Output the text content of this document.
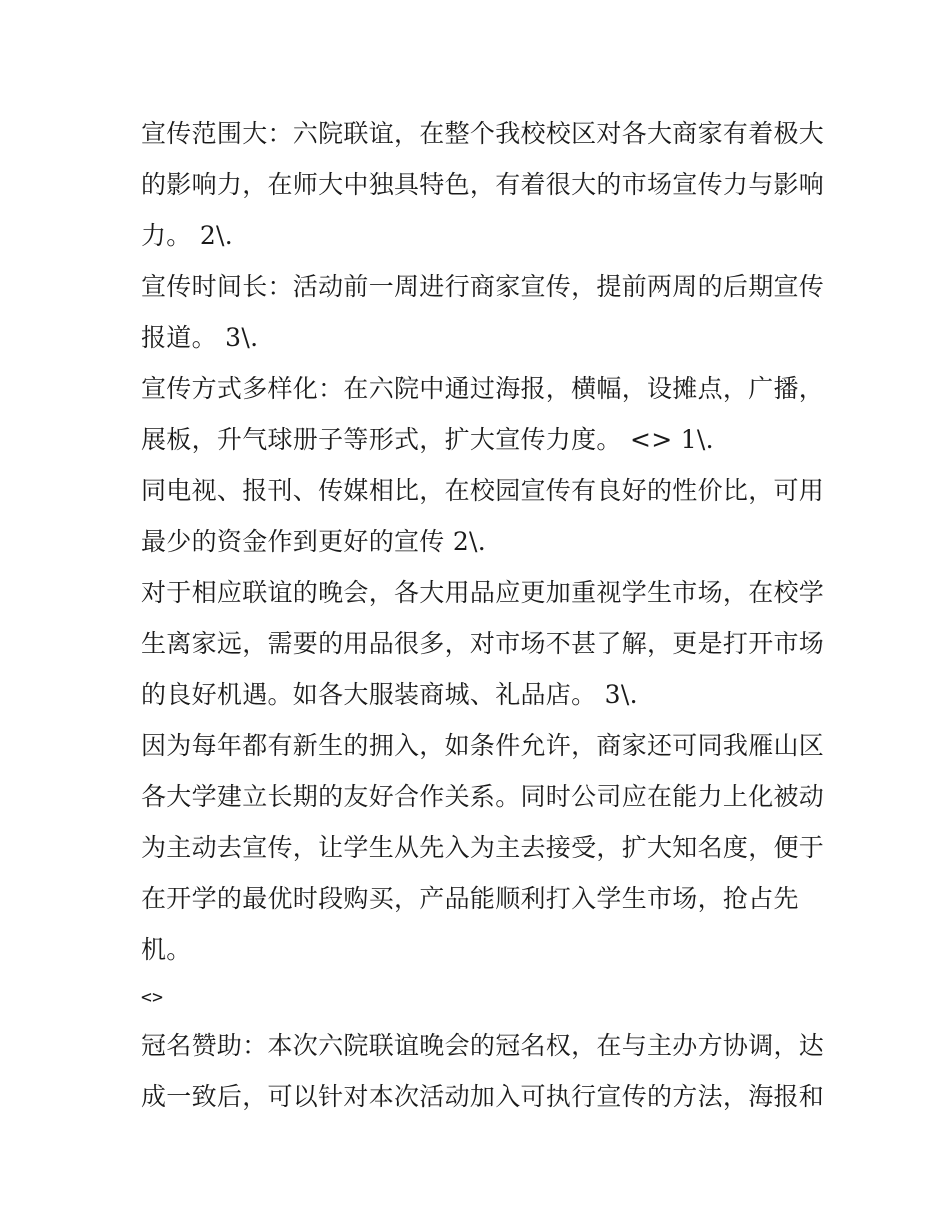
宣传范围大：六院联谊，在整个我校校区对各大商家有着极大
的影响力，在师大中独具特色，有着很大的市场宣传力与影响
力。 2\.
宣传时间长：活动前一周进行商家宣传，提前两周的后期宣传
报道。 3\.
宣传方式多样化：在六院中通过海报，横幅，设摊点，广播，
展板，升气球册子等形式，扩大宣传力度。 <> 1\.
同电视、报刊、传媒相比，在校园宣传有良好的性价比，可用
最少的资金作到更好的宣传 2\.
对于相应联谊的晚会，各大用品应更加重视学生市场，在校学
生离家远，需要的用品很多，对市场不甚了解，更是打开市场
的良好机遇。如各大服装商城、礼品店。 3\.
因为每年都有新生的拥入，如条件允许，商家还可同我雁山区
各大学建立长期的友好合作关系。同时公司应在能力上化被动
为主动去宣传，让学生从先入为主去接受，扩大知名度，便于
在开学的最优时段购买，产品能顺利打入学生市场，抢占先
机。
<>
冠名赞助：本次六院联谊晚会的冠名权，在与主办方协调，达
成一致后，可以针对本次活动加入可执行宣传的方法，海报和
